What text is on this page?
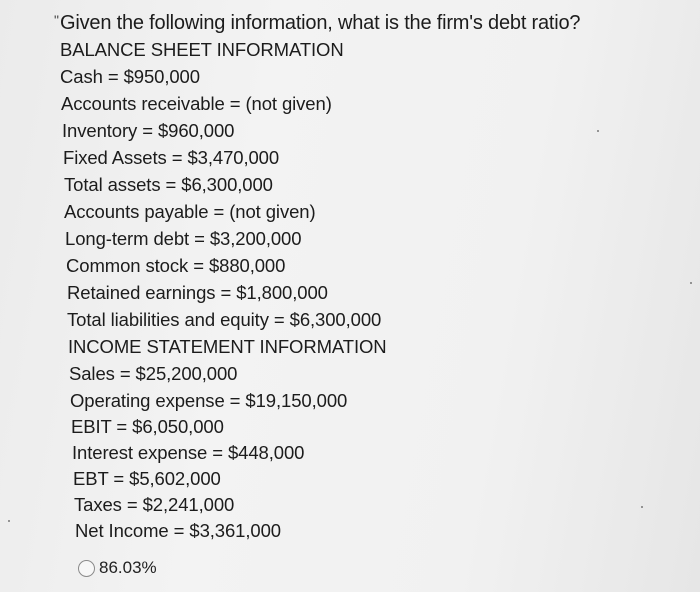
" Given the following information, what is the firm's debt ratio?
BALANCE SHEET INFORMATION
Cash = $950,000
Accounts receivable = (not given)
Inventory = $960,000
Fixed Assets = $3,470,000
Total assets = $6,300,000
Accounts payable = (not given)
Long-term debt = $3,200,000
Common stock = $880,000
Retained earnings = $1,800,000
Total liabilities and equity = $6,300,000
INCOME STATEMENT INFORMATION
Sales = $25,200,000
Operating expense = $19,150,000
EBIT = $6,050,000
Interest expense = $448,000
EBT = $5,602,000
Taxes = $2,241,000
Net Income = $3,361,000
86.03%
